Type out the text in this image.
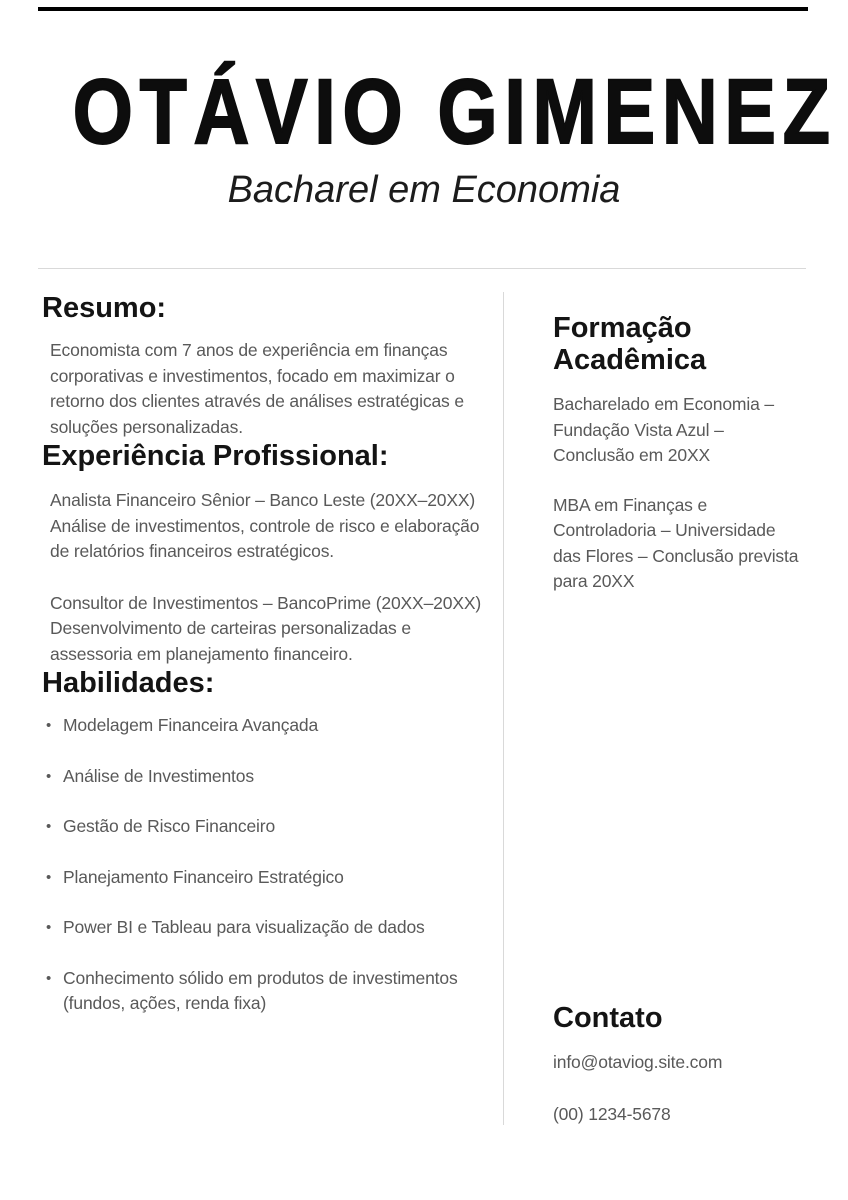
OTÁVIO GIMENEZ
Bacharel em Economia
Resumo:

Economista com 7 anos de experiência em finanças corporativas e investimentos, focado em maximizar o retorno dos clientes através de análises estratégicas e soluções personalizadas.

Experiência Profissional:
Analista Financeiro Sênior – Banco Leste (20XX–20XX)
Análise de investimentos, controle de risco e elaboração de relatórios financeiros estratégicos.
Consultor de Investimentos – BancoPrime (20XX–20XX)
Desenvolvimento de carteiras personalizadas e assessoria em planejamento financeiro.
Habilidades:
• Modelagem Financeira Avançada
• Análise de Investimentos
• Gestão de Risco Financeiro
• Planejamento Financeiro Estratégico
• Power BI e Tableau para visualização de dados
• Conhecimento sólido em produtos de investimentos (fundos, ações, renda fixa)
Formação Acadêmica

Bacharelado em Economia – Fundação Vista Azul – Conclusão em 20XX

MBA em Finanças e Controladoria – Universidade das Flores – Conclusão prevista para 20XX

Contato

info@otaviog.site.com

(00) 1234-5678
